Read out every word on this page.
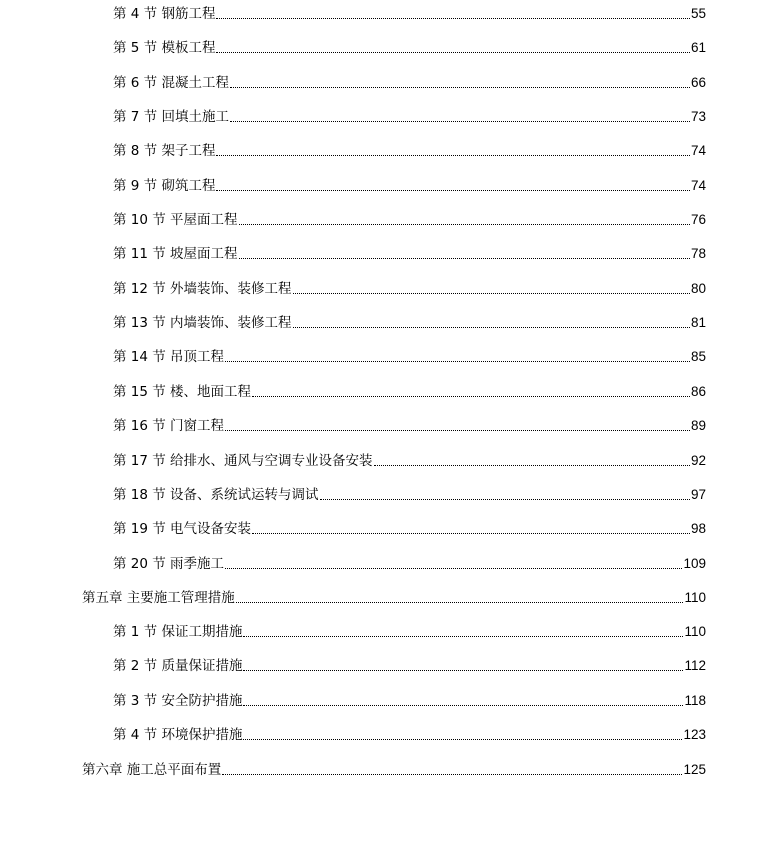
第 4 节 钢筋工程	55
第 5 节 模板工程	61
第 6 节 混凝土工程	66
第 7 节 回填土施工	73
第 8 节 架子工程	74
第 9 节 砌筑工程	74
第 10 节 平屋面工程	76
第 11 节 坡屋面工程	78
第 12 节 外墙装饰、装修工程	80
第 13 节 内墙装饰、装修工程	81
第 14 节 吊顶工程	85
第 15 节 楼、地面工程	86
第 16 节 门窗工程	89
第 17 节 给排水、通风与空调专业设备安装	92
第 18 节 设备、系统试运转与调试	97
第 19 节 电气设备安装	98
第 20 节 雨季施工	109
第五章 主要施工管理措施	110
第 1 节 保证工期措施	110
第 2 节 质量保证措施	112
第 3 节 安全防护措施	118
第 4 节 环境保护措施	123
第六章 施工总平面布置	125
